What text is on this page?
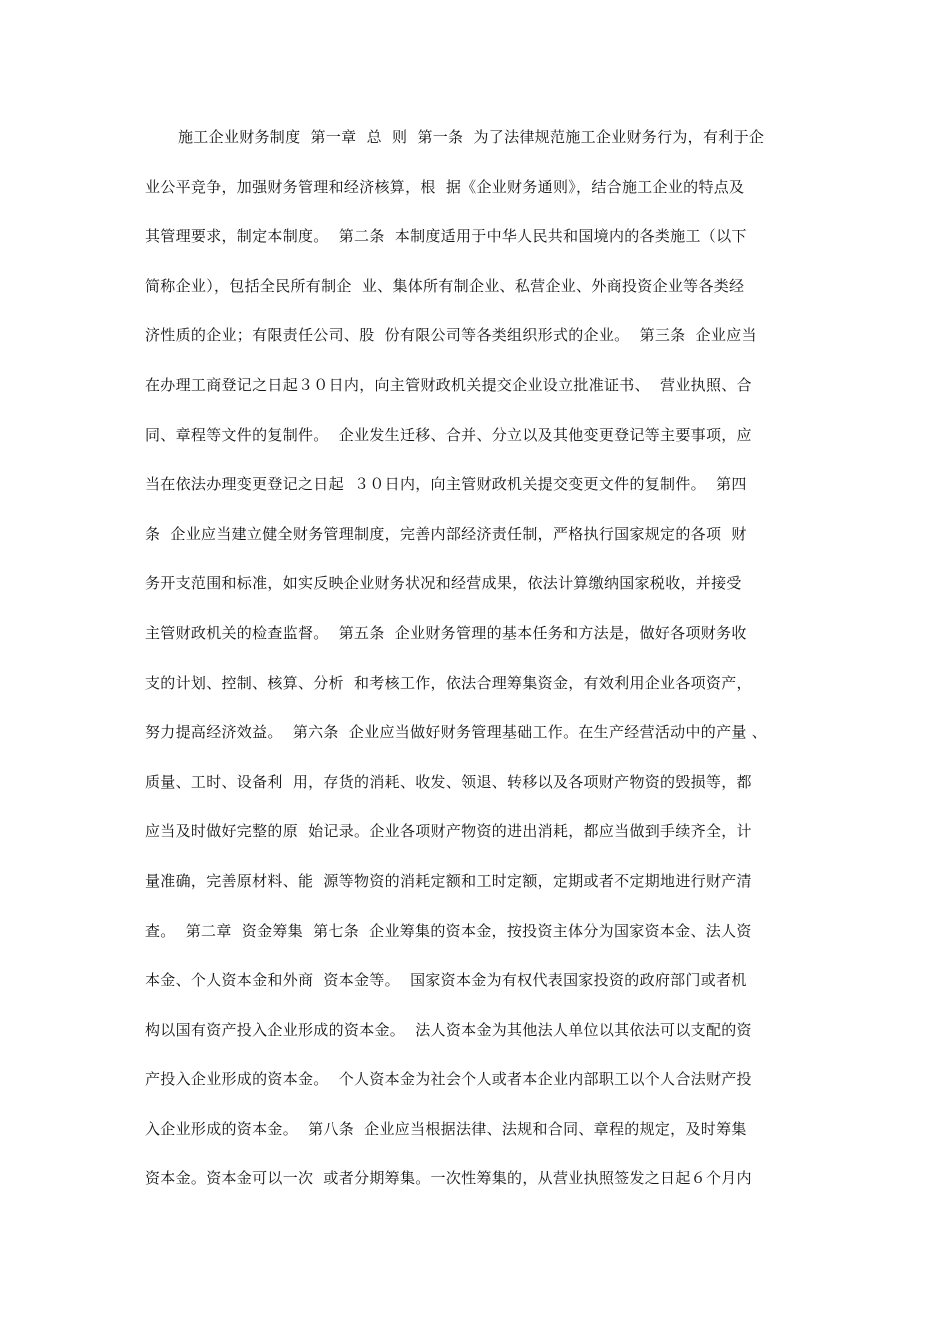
施工企业财务制度  第一章  总  则  第一条  为了法律规范施工企业财务行为，有利于企
业公平竞争，加强财务管理和经济核算，根  据《企业财务通则》，结合施工企业的特点及
其管理要求，制定本制度。  第二条  本制度适用于中华人民共和国境内的各类施工（以下
简称企业），包括全民所有制企  业、集体所有制企业、私营企业、外商投资企业等各类经
济性质的企业；有限责任公司、股  份有限公司等各类组织形式的企业。  第三条  企业应当
在办理工商登记之日起３０日内，向主管财政机关提交企业设立批准证书、  营业执照、合
同、章程等文件的复制件。  企业发生迁移、合并、分立以及其他变更登记等主要事项，应
当在依法办理变更登记之日起  ３０日内，向主管财政机关提交变更文件的复制件。  第四
条  企业应当建立健全财务管理制度，完善内部经济责任制，严格执行国家规定的各项  财
务开支范围和标准，如实反映企业财务状况和经营成果，依法计算缴纳国家税收，并接受
主管财政机关的检查监督。  第五条  企业财务管理的基本任务和方法是，做好各项财务收
支的计划、控制、核算、分析  和考核工作，依法合理筹集资金，有效利用企业各项资产，
努力提高经济效益。  第六条  企业应当做好财务管理基础工作。在生产经营活动中的产量 、
质量、工时、设备利  用，存货的消耗、收发、领退、转移以及各项财产物资的毁损等，都
应当及时做好完整的原  始记录。企业各项财产物资的进出消耗，都应当做到手续齐全，计
量准确，完善原材料、能  源等物资的消耗定额和工时定额，定期或者不定期地进行财产清
查。  第二章  资金筹集  第七条  企业筹集的资本金，按投资主体分为国家资本金、法人资
本金、个人资本金和外商  资本金等。  国家资本金为有权代表国家投资的政府部门或者机
构以国有资产投入企业形成的资本金。  法人资本金为其他法人单位以其依法可以支配的资
产投入企业形成的资本金。  个人资本金为社会个人或者本企业内部职工以个人合法财产投
入企业形成的资本金。  第八条  企业应当根据法律、法规和合同、章程的规定，及时筹集
资本金。资本金可以一次  或者分期筹集。一次性筹集的，从营业执照签发之日起６个月内
